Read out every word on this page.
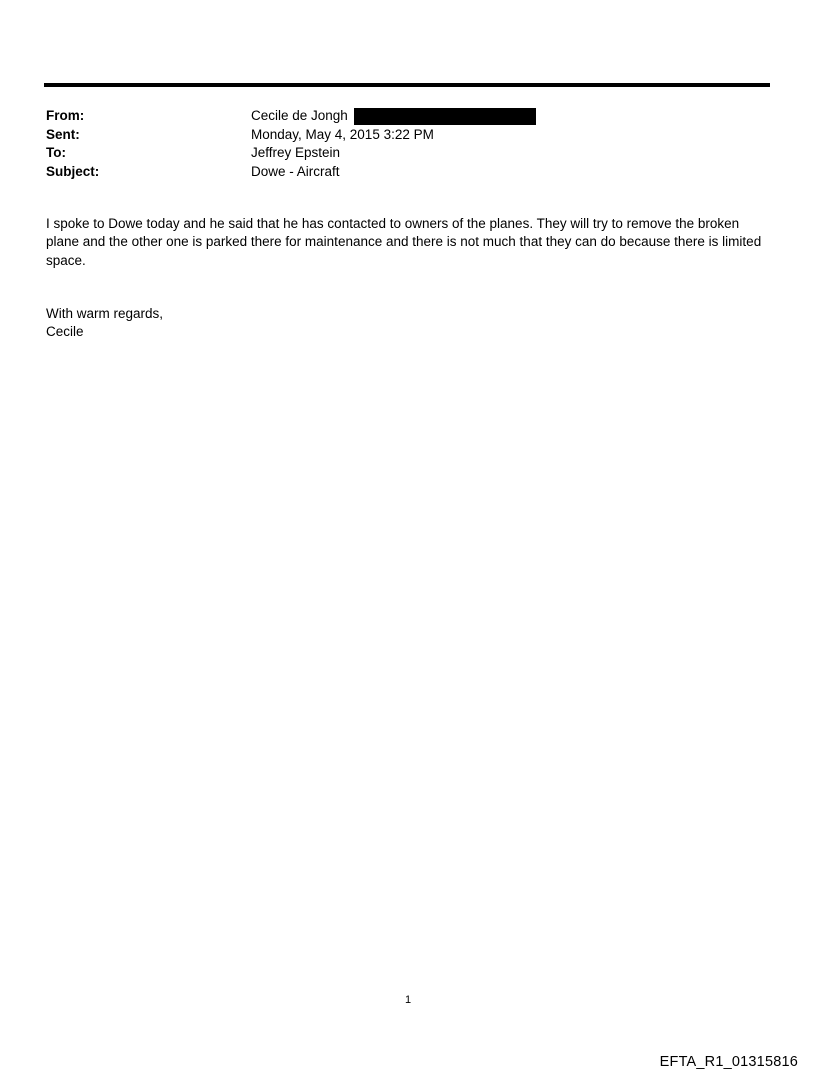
From:	Cecile de Jongh
Sent:	Monday, May 4, 2015 3:22 PM
To:	Jeffrey Epstein
Subject:	Dowe - Aircraft
I spoke to Dowe today and he said that he has contacted to owners of the planes. They will try to remove the broken plane and the other one is parked there for maintenance and there is not much that they can do because there is limited space.
With warm regards,
Cecile
1
EFTA_R1_01315816
